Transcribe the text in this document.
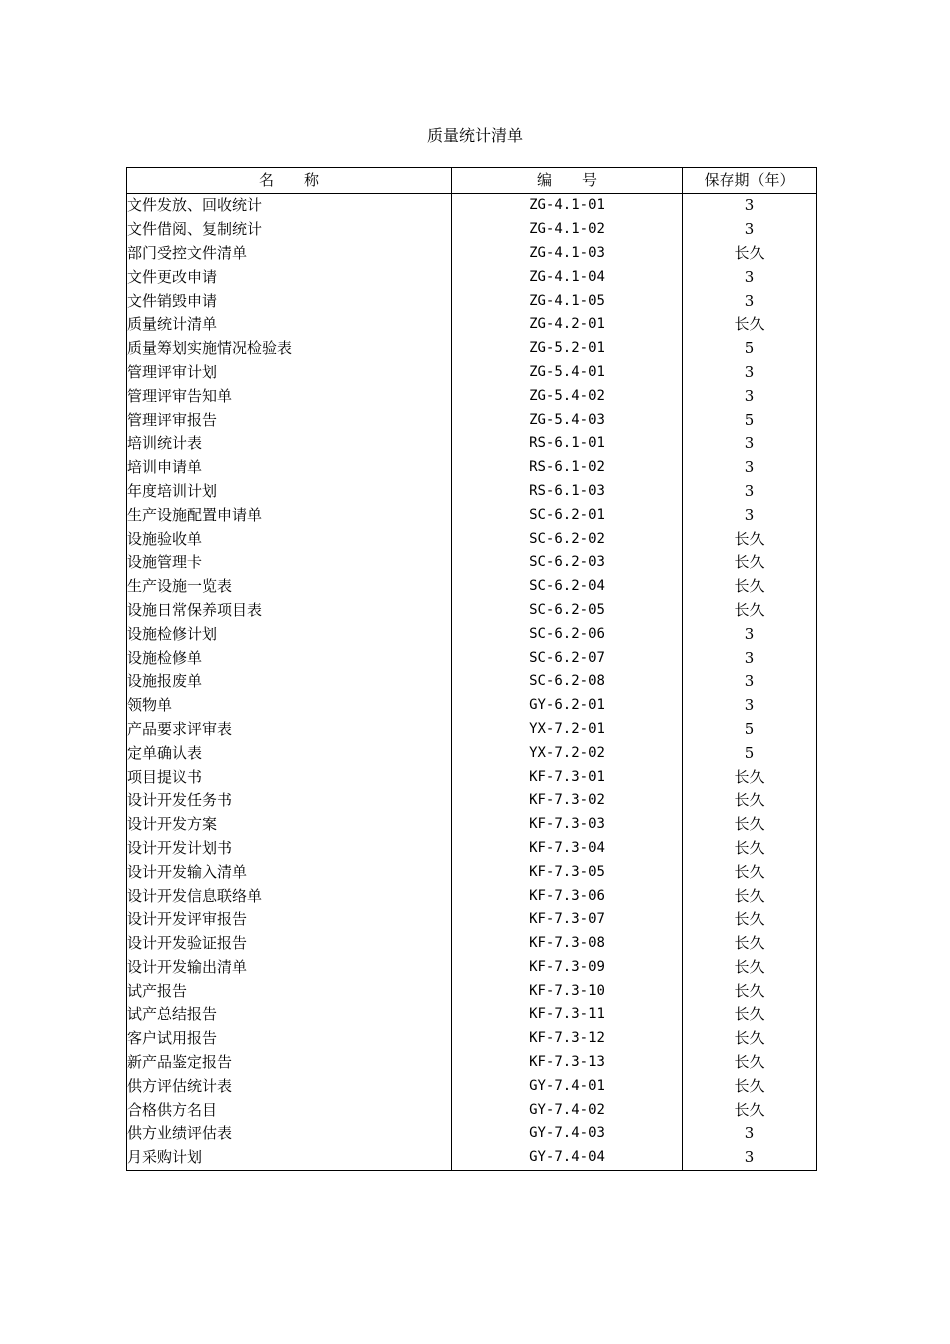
质量统计清单
名　　称	编　　号	保存期（年）
文件发放、回收统计	ZG-4.1-01	3
文件借阅、复制统计	ZG-4.1-02	3
部门受控文件清单	ZG-4.1-03	长久
文件更改申请	ZG-4.1-04	3
文件销毁申请	ZG-4.1-05	3
质量统计清单	ZG-4.2-01	长久
质量筹划实施情况检验表	ZG-5.2-01	5
管理评审计划	ZG-5.4-01	3
管理评审告知单	ZG-5.4-02	3
管理评审报告	ZG-5.4-03	5
培训统计表	RS-6.1-01	3
培训申请单	RS-6.1-02	3
年度培训计划	RS-6.1-03	3
生产设施配置申请单	SC-6.2-01	3
设施验收单	SC-6.2-02	长久
设施管理卡	SC-6.2-03	长久
生产设施一览表	SC-6.2-04	长久
设施日常保养项目表	SC-6.2-05	长久
设施检修计划	SC-6.2-06	3
设施检修单	SC-6.2-07	3
设施报废单	SC-6.2-08	3
领物单	GY-6.2-01	3
产品要求评审表	YX-7.2-01	5
定单确认表	YX-7.2-02	5
项目提议书	KF-7.3-01	长久
设计开发任务书	KF-7.3-02	长久
设计开发方案	KF-7.3-03	长久
设计开发计划书	KF-7.3-04	长久
设计开发输入清单	KF-7.3-05	长久
设计开发信息联络单	KF-7.3-06	长久
设计开发评审报告	KF-7.3-07	长久
设计开发验证报告	KF-7.3-08	长久
设计开发输出清单	KF-7.3-09	长久
试产报告	KF-7.3-10	长久
试产总结报告	KF-7.3-11	长久
客户试用报告	KF-7.3-12	长久
新产品鉴定报告	KF-7.3-13	长久
供方评估统计表	GY-7.4-01	长久
合格供方名目	GY-7.4-02	长久
供方业绩评估表	GY-7.4-03	3
月采购计划	GY-7.4-04	3
